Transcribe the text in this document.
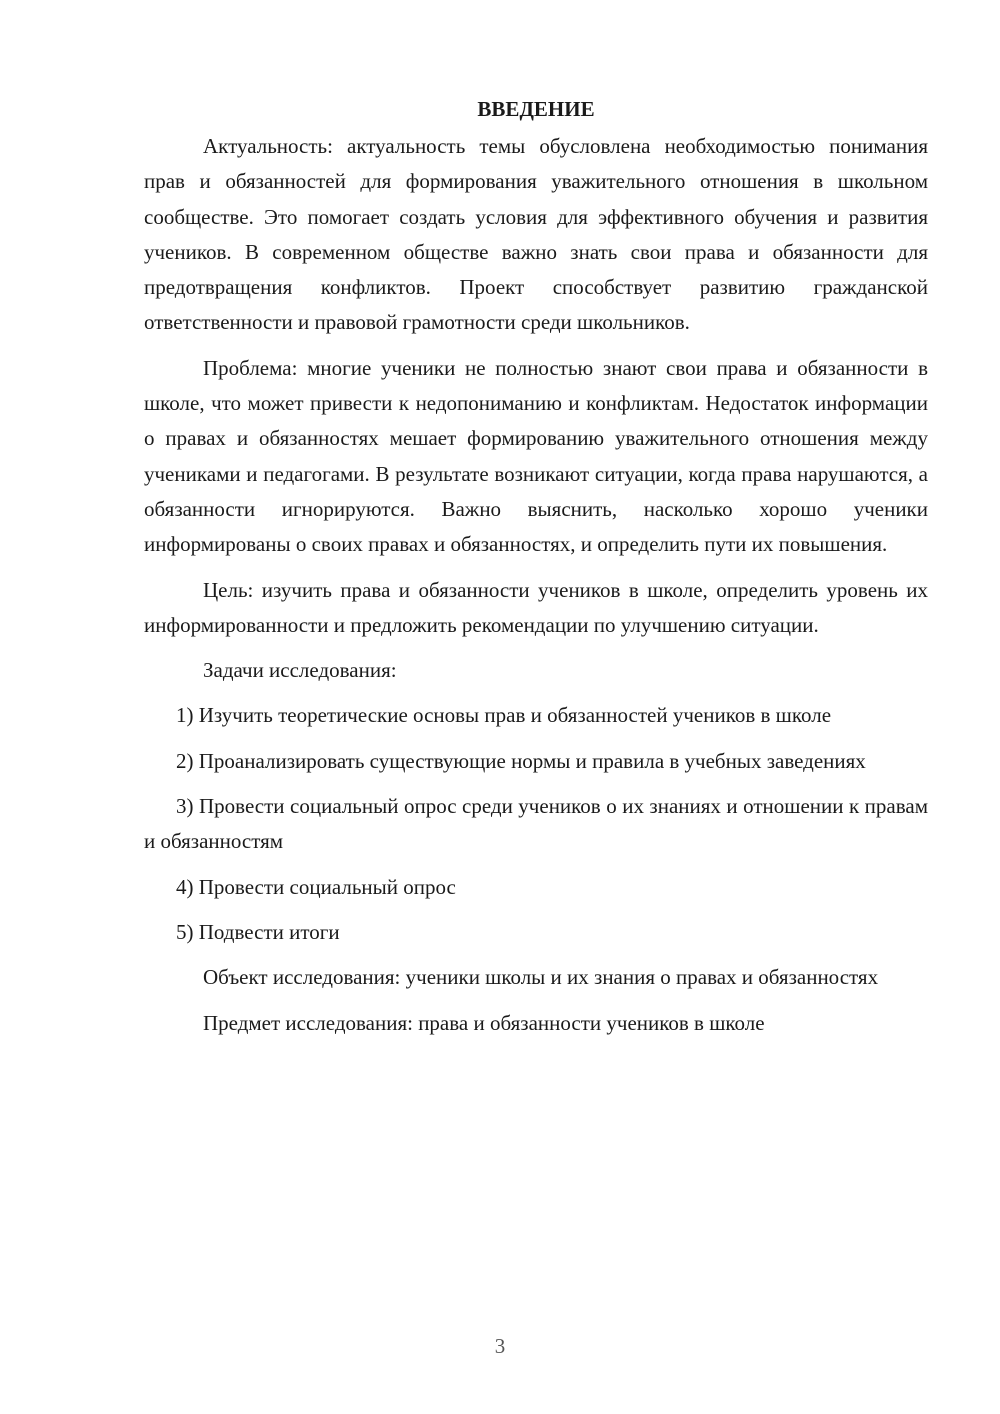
ВВЕДЕНИЕ

Актуальность: актуальность темы обусловлена необходимостью понимания прав и обязанностей для формирования уважительного отношения в школьном сообществе. Это помогает создать условия для эффективного обучения и развития учеников. В современном обществе важно знать свои права и обязанности для предотвращения конфликтов. Проект способствует развитию гражданской ответственности и правовой грамотности среди школьников.

Проблема: многие ученики не полностью знают свои права и обязанности в школе, что может привести к недопониманию и конфликтам. Недостаток информации о правах и обязанностях мешает формированию уважительного отношения между учениками и педагогами. В результате возникают ситуации, когда права нарушаются, а обязанности игнорируются. Важно выяснить, насколько хорошо ученики информированы о своих правах и обязанностях, и определить пути их повышения.

Цель: изучить права и обязанности учеников в школе, определить уровень их информированности и предложить рекомендации по улучшению ситуации.

Задачи исследования:

1) Изучить теоретические основы прав и обязанностей учеников в школе

2) Проанализировать существующие нормы и правила в учебных заведениях

3) Провести социальный опрос среди учеников о их знаниях и отношении к правам и обязанностям

4) Провести социальный опрос

5) Подвести итоги

Объект исследования: ученики школы и их знания о правах и обязанностях

Предмет исследования: права и обязанности учеников в школе

3
